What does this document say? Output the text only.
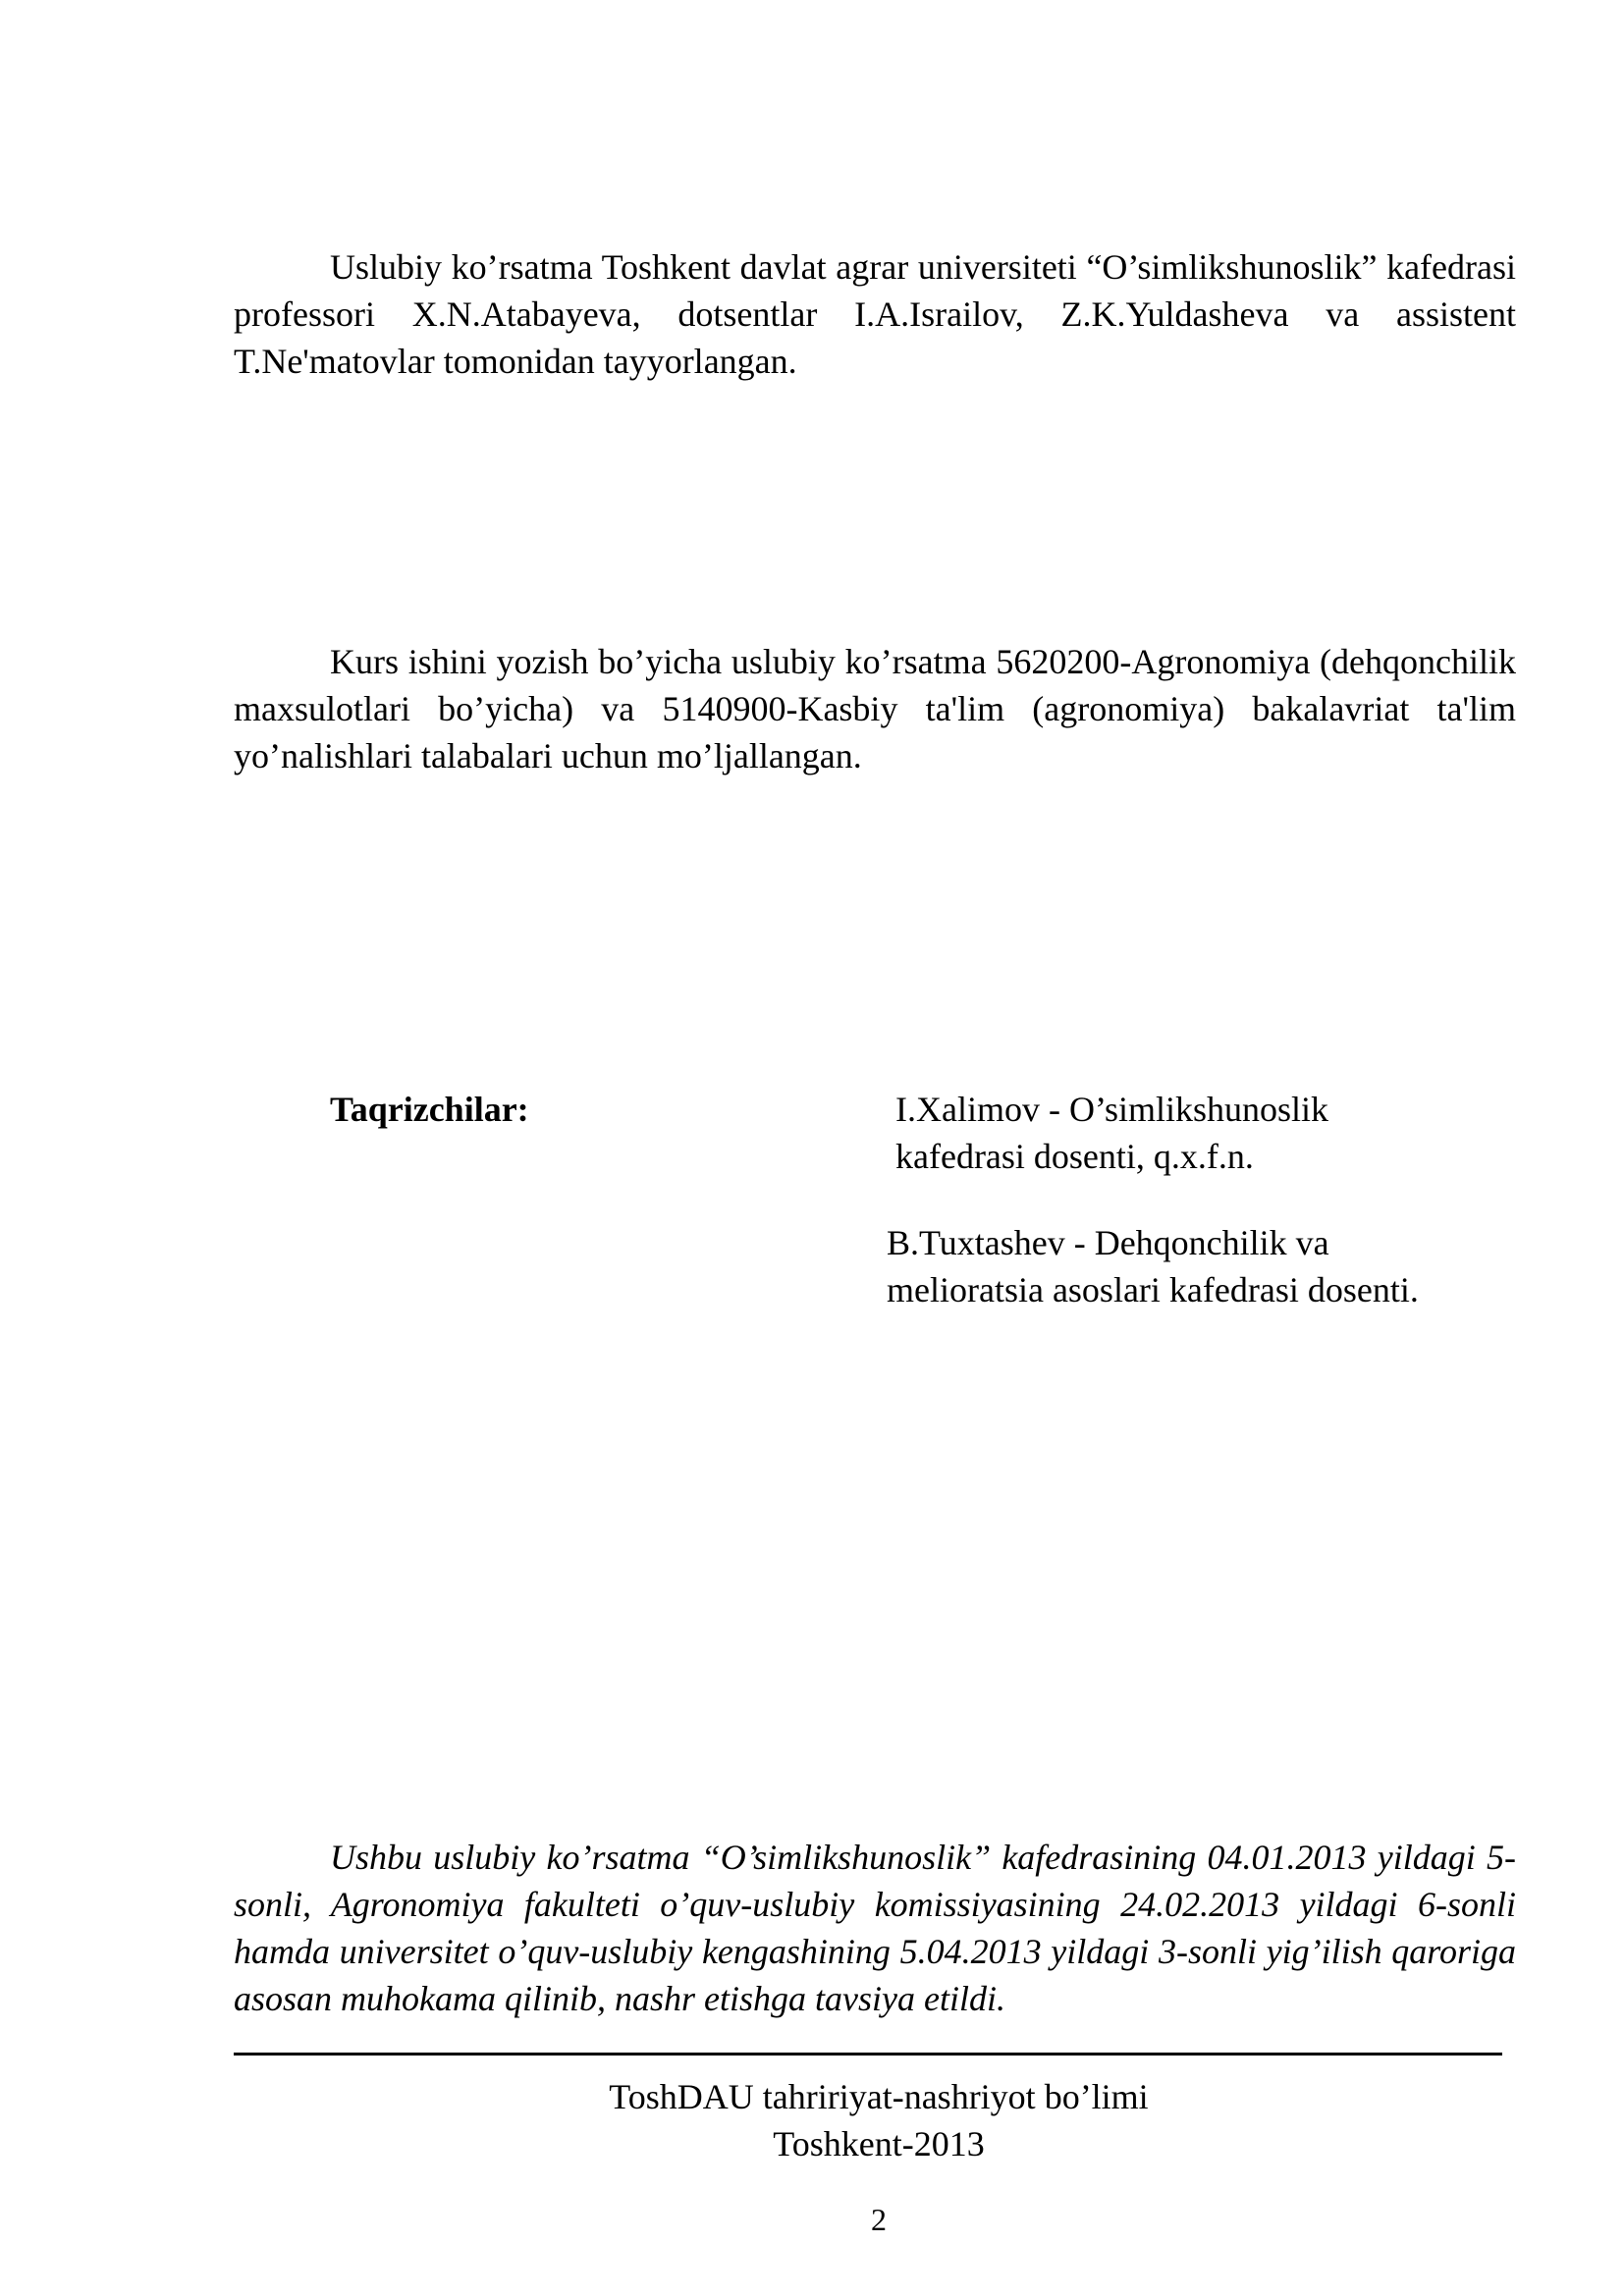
Uslubiy ko’rsatma Toshkent davlat agrar universiteti “O’simlikshunoslik” kafedrasi professori X.N.Atabayeva, dotsentlar I.A.Israilov, Z.K.Yuldasheva va assistent T.Ne'matovlar tomonidan tayyorlangan.

Kurs ishini yozish bo’yicha uslubiy ko’rsatma 5620200-Agronomiya (dehqonchilik maxsulotlari bo’yicha) va 5140900-Kasbiy ta'lim (agronomiya) bakalavriat ta'lim yo’nalishlari talabalari uchun mo’ljallangan.

Taqrizchilar:	I.Xalimov - O’simlikshunoslik
kafedrasi dosenti, q.x.f.n.
B.Tuxtashev - Dehqonchilik va
melioratsia asoslari kafedrasi dosenti.

Ushbu uslubiy ko’rsatma “O’simlikshunoslik” kafedrasining 04.01.2013 yildagi 5-sonli, Agronomiya fakulteti o’quv-uslubiy komissiyasining 24.02.2013 yildagi 6-sonli hamda universitet o’quv-uslubiy kengashining 5.04.2013 yildagi 3-sonli yig’ilish qaroriga asosan muhokama qilinib, nashr etishga tavsiya etildi.

ToshDAU tahririyat-nashriyot bo’limi
Toshkent-2013
2
